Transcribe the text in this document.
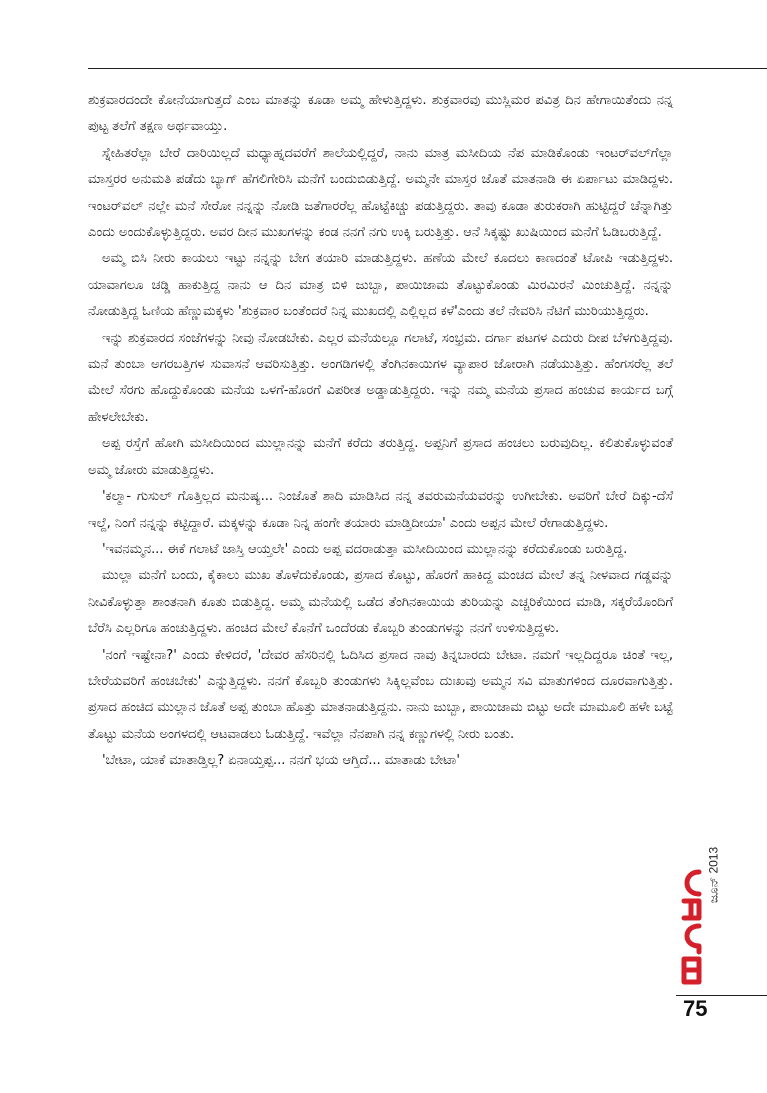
ಶುಕ್ರವಾರದಂದೇ ಕೋನೆಯಾಗುತ್ತದೆ ಎಂಬ ಮಾತನ್ನು ಕೂಡಾ ಅಮ್ಮ ಹೇಳುತ್ತಿದ್ದಳು. ಶುಕ್ರವಾರವು ಮುಸ್ಲಿಮರ ಪವಿತ್ರ ದಿನ ಹೇಗಾಯಿತೆಂದು ನನ್ನ ಪುಟ್ಟ ತಲೆಗೆ ತಕ್ಷಣ ಅರ್ಥವಾಯ್ತು.

ಸ್ನೇಹಿತರೆಲ್ಲಾ ಬೇರೆ ದಾರಿಯಿಲ್ಲದೆ ಮಧ್ಯಾಹ್ನದವರೆಗೆ ಶಾಲೆಯಲ್ಲಿದ್ದರೆ, ನಾನು ಮಾತ್ರ ಮಸೀದಿಯ ನೆಪ ಮಾಡಿಕೊಂಡು ಇಂಟರ್‌ವಲ್‌ಗೆಲ್ಲಾ ಮಾಸ್ತರರ ಅನುಮತಿ ಪಡೆದು ಬ್ಯಾಗ್ ಹೆಗಲಿಗೇರಿಸಿ ಮನೆಗೆ ಬಂದುಬಿಡುತ್ತಿದ್ದೆ. ಅಮ್ಮನೇ ಮಾಸ್ತರ ಜೊತೆ ಮಾತನಾಡಿ ಈ ಏರ್ಪಾಟು ಮಾಡಿದ್ದಳು. ಇಂಟರ್‌ವಲ್ ನಲ್ಲೇ ಮನೆ ಸೇರೋ ನನ್ನನ್ನು ನೋಡಿ ಜತೆಗಾರರೆಲ್ಲ ಹೊಟ್ಟೆಕಿಚ್ಚು ಪಡುತ್ತಿದ್ದರು. ತಾವು ಕೂಡಾ ತುರುಕರಾಗಿ ಹುಟ್ಟಿದ್ದರೆ ಚೆನ್ನಾಗಿತ್ತು ಎಂದು ಅಂದುಕೊಳ್ಳುತ್ತಿದ್ದರು. ಅವರ ದೀನ ಮುಖಗಳನ್ನು ಕಂಡ ನನಗೆ ನಗು ಉಕ್ಕಿ ಬರುತ್ತಿತ್ತು. ಆನೆ ಸಿಕ್ಕಷ್ಟು ಖುಷಿಯಿಂದ ಮನೆಗೆ ಓಡಿಬರುತ್ತಿದ್ದೆ.

ಅಮ್ಮ ಬಿಸಿ ನೀರು ಕಾಯಲು ಇಟ್ಟು ನನ್ನನ್ನು ಬೇಗ ತಯಾರಿ ಮಾಡುತ್ತಿದ್ದಳು. ಹಣೆಯ ಮೇಲೆ ಕೂದಲು ಕಾಣದಂತೆ ಟೋಪಿ ಇಡುತ್ತಿದ್ದಳು. ಯಾವಾಗಲೂ ಚಡ್ಡಿ ಹಾಕುತ್ತಿದ್ದ ನಾನು ಆ ದಿನ ಮಾತ್ರ ಬಿಳಿ ಜುಬ್ಬಾ, ಪಾಯಿಜಾಮ ತೊಟ್ಟುಕೊಂಡು ಮಿರಮಿರನೆ ಮಿಂಚುತ್ತಿದ್ದೆ. ನನ್ನನ್ನು ನೋಡುತ್ತಿದ್ದ ಓಣಿಯ ಹೆಣ್ಣುಮಕ್ಕಳು 'ಶುಕ್ರವಾರ ಬಂತೆಂದರೆ ನಿನ್ನ ಮುಖದಲ್ಲಿ ಎಲ್ಲಿಲ್ಲದ ಕಳೆ'ಎಂದು ತಲೆ ನೇವರಿಸಿ ನೆಟಿಗೆ ಮುರಿಯುತ್ತಿದ್ದರು.

ಇನ್ನು ಶುಕ್ರವಾರದ ಸಂಜೆಗಳನ್ನು ನೀವು ನೋಡಬೇಕು. ಎಲ್ಲರ ಮನೆಯಲ್ಲೂ ಗಲಾಟೆ, ಸಂಭ್ರಮ. ದರ್ಗಾ ಪಟಗಳ ಎದುರು ದೀಪ ಬೆಳಗುತ್ತಿದ್ದವು. ಮನೆ ತುಂಬಾ ಅಗರಬತ್ತಿಗಳ ಸುವಾಸನೆ ಆವರಿಸುತ್ತಿತ್ತು. ಅಂಗಡಿಗಳಲ್ಲಿ ತೆಂಗಿನಕಾಯಿಗಳ ವ್ಯಾಪಾರ ಜೋರಾಗಿ ನಡೆಯುತ್ತಿತ್ತು. ಹೆಂಗಸರೆಲ್ಲ ತಲೆ ಮೇಲೆ ಸೆರಗು ಹೊದ್ದುಕೊಂಡು ಮನೆಯ ಒಳಗೆ-ಹೊರಗೆ ವಿಪರೀತ ಅಡ್ಡಾಡುತ್ತಿದ್ದರು. ಇನ್ನು ನಮ್ಮ ಮನೆಯ ಪ್ರಸಾದ ಹಂಚುವ ಕಾರ್ಯದ ಬಗ್ಗೆ ಹೇಳಲೇಬೇಕು.

ಅಪ್ಪ ರಸ್ತೆಗೆ ಹೋಗಿ ಮಸೀದಿಯಿಂದ ಮುಲ್ಲಾನನ್ನು ಮನೆಗೆ ಕರೆದು ತರುತ್ತಿದ್ದ. ಅಪ್ಪನಿಗೆ ಪ್ರಸಾದ ಹಂಚಲು ಬರುವುದಿಲ್ಲ. ಕಲಿತುಕೊಳ್ಳುವಂತೆ ಅಮ್ಮ ಜೋರು ಮಾಡುತ್ತಿದ್ದಳು.

'ಕಲ್ಮಾ- ಗುಸುಲ್ ಗೊತ್ತಿಲ್ಲದ ಮನುಷ್ಯ... ನಿಂಜೊತೆ ಶಾದಿ ಮಾಡಿಸಿದ ನನ್ನ ತವರುಮನೆಯವರನ್ನು ಉಗೀಬೇಕು. ಅವರಿಗೆ ಬೇರೆ ದಿಕ್ಕು-ದೆಸೆ ಇಲ್ದೆ, ನಿಂಗೆ ನನ್ನನ್ನು ಕಟ್ಟಿದ್ದಾರೆ. ಮಕ್ಕಳನ್ನು ಕೂಡಾ ನಿನ್ನ ಹಂಗೇ ತಯಾರು ಮಾಡ್ತಿದೀಯಾ' ಎಂದು ಅಪ್ಪನ ಮೇಲೆ ರೇಗಾಡುತ್ತಿದ್ದಳು.

'ಇವನಮ್ಮನ... ಈಕೆ ಗಲಾಟೆ ಜಾಸ್ತಿ ಆಯ್ತಲೇ' ಎಂದು ಅಪ್ಪ ವದರಾಡುತ್ತಾ ಮಸೀದಿಯಿಂದ ಮುಲ್ಲಾನನ್ನು ಕರೆದುಕೊಂಡು ಬರುತ್ತಿದ್ದ.

ಮುಲ್ಲಾ ಮನೆಗೆ ಬಂದು, ಕೈಕಾಲು ಮುಖ ತೊಳೆದುಕೊಂಡು, ಪ್ರಸಾದ ಕೊಟ್ಟು, ಹೊರಗೆ ಹಾಕಿದ್ದ ಮಂಚದ ಮೇಲೆ ತನ್ನ ನೀಳವಾದ ಗಡ್ಡವನ್ನು ನೀವಿಕೊಳ್ಳುತ್ತಾ ಶಾಂತನಾಗಿ ಕೂತು ಬಿಡುತ್ತಿದ್ದ. ಅಮ್ಮ ಮನೆಯಲ್ಲಿ ಒಡೆದ ತೆಂಗಿನಕಾಯಿಯ ತುರಿಯನ್ನು ಎಚ್ಚರಿಕೆಯಿಂದ ಮಾಡಿ, ಸಕ್ಕರೆಯೊಂದಿಗೆ ಬೆರೆಸಿ ಎಲ್ಲರಿಗೂ ಹಂಚುತ್ತಿದ್ದಳು. ಹಂಚಿದ ಮೇಲೆ ಕೊನೆಗೆ ಒಂದೆರಡು ಕೊಬ್ಬರಿ ತುಂಡುಗಳನ್ನು ನನಗೆ ಉಳಿಸುತ್ತಿದ್ದಳು.

'ನಂಗೆ ಇಷ್ಟೇನಾ?' ಎಂದು ಕೇಳಿದರೆ, 'ದೇವರ ಹೆಸರಿನಲ್ಲಿ ಓದಿಸಿದ ಪ್ರಸಾದ ನಾವು ತಿನ್ನಬಾರದು ಬೇಟಾ. ನಮಗೆ ಇಲ್ಲದಿದ್ದರೂ ಚಿಂತೆ ಇಲ್ಲ, ಬೇರೆಯವರಿಗೆ ಹಂಚಬೇಕು' ಎನ್ನುತ್ತಿದ್ದಳು. ನನಗೆ ಕೊಬ್ಬರಿ ತುಂಡುಗಳು ಸಿಕ್ಕಿಲ್ಲವೆಂಬ ದುಃಖವು ಅಮ್ಮನ ಸವಿ ಮಾತುಗಳಿಂದ ದೂರವಾಗುತ್ತಿತ್ತು. ಪ್ರಸಾದ ಹಂಚಿದ ಮುಲ್ಲಾನ ಜೊತೆ ಅಪ್ಪ ತುಂಬಾ ಹೊತ್ತು ಮಾತನಾಡುತ್ತಿದ್ದನು. ನಾನು ಜುಬ್ಬಾ, ಪಾಯಿಜಾಮ ಬಿಟ್ಟು ಅದೇ ಮಾಮೂಲಿ ಹಳೇ ಬಟ್ಟೆ ತೊಟ್ಟು ಮನೆಯ ಅಂಗಳದಲ್ಲಿ ಆಟವಾಡಲು ಓಡುತ್ತಿದ್ದೆ. ಇವೆಲ್ಲಾ ನೆನಪಾಗಿ ನನ್ನ ಕಣ್ಣುಗಳಲ್ಲಿ ನೀರು ಬಂತು.

'ಬೇಟಾ, ಯಾಕೆ ಮಾತಾಡ್ತಿಲ್ಲ? ಏನಾಯ್ತಪ್ಪ... ನನಗೆ ಭಯ ಆಗ್ತಿದೆ... ಮಾತಾಡು ಬೇಟಾ'

ಜೂನ್ 2013
75
